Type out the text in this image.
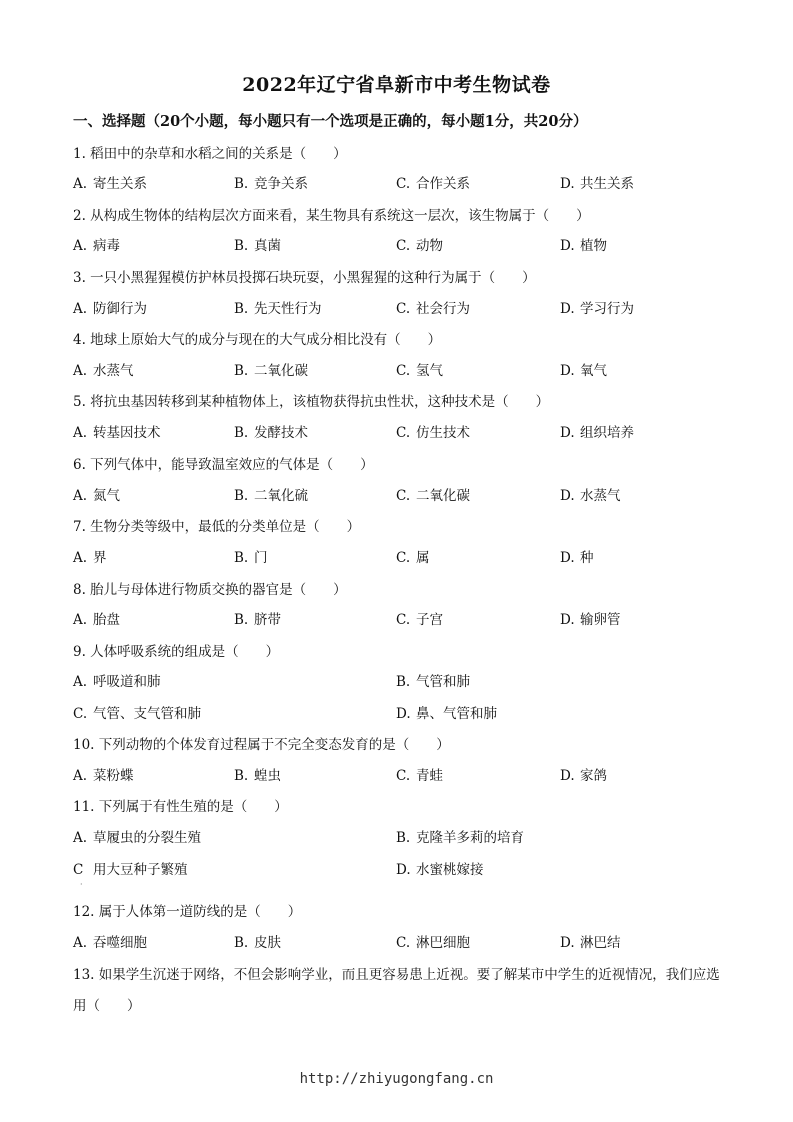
2022年辽宁省阜新市中考生物试卷
一、选择题（20个小题，每小题只有一个选项是正确的，每小题1分，共20分）
1. 稻田中的杂草和水稻之间的关系是（　　）
A. 寄生关系	B. 竞争关系	C. 合作关系	D. 共生关系
2. 从构成生物体的结构层次方面来看，某生物具有系统这一层次，该生物属于（　　）
A. 病毒	B. 真菌	C. 动物	D. 植物
3. 一只小黑猩猩模仿护林员投掷石块玩耍，小黑猩猩的这种行为属于（　　）
A. 防御行为	B. 先天性行为	C. 社会行为	D. 学习行为
4. 地球上原始大气的成分与现在的大气成分相比没有（　　）
A. 水蒸气	B. 二氧化碳	C. 氢气	D. 氧气
5. 将抗虫基因转移到某种植物体上，该植物获得抗虫性状，这种技术是（　　）
A. 转基因技术	B. 发酵技术	C. 仿生技术	D. 组织培养
6. 下列气体中，能导致温室效应的气体是（　　）
A. 氮气	B. 二氧化硫	C. 二氧化碳	D. 水蒸气
7. 生物分类等级中，最低的分类单位是（　　）
A. 界	B. 门	C. 属	D. 种
8. 胎儿与母体进行物质交换的器官是（　　）
A. 胎盘	B. 脐带	C. 子宫	D. 输卵管
9. 人体呼吸系统的组成是（　　）
A. 呼吸道和肺	B. 气管和肺
C. 气管、支气管和肺	D. 鼻、气管和肺
10. 下列动物的个体发育过程属于不完全变态发育的是（　　）
A. 菜粉蝶	B. 蝗虫	C. 青蛙	D. 家鸽
11. 下列属于有性生殖的是（　　）
A. 草履虫的分裂生殖	B. 克隆羊多莉的培育
C 用大豆种子繁殖	D. 水蜜桃嫁接
·
12. 属于人体第一道防线的是（　　）
A. 吞噬细胞	B. 皮肤	C. 淋巴细胞	D. 淋巴结
13. 如果学生沉迷于网络，不但会影响学业，而且更容易患上近视。要了解某市中学生的近视情况，我们应选用（　　）
http://zhiyugongfang.cn
